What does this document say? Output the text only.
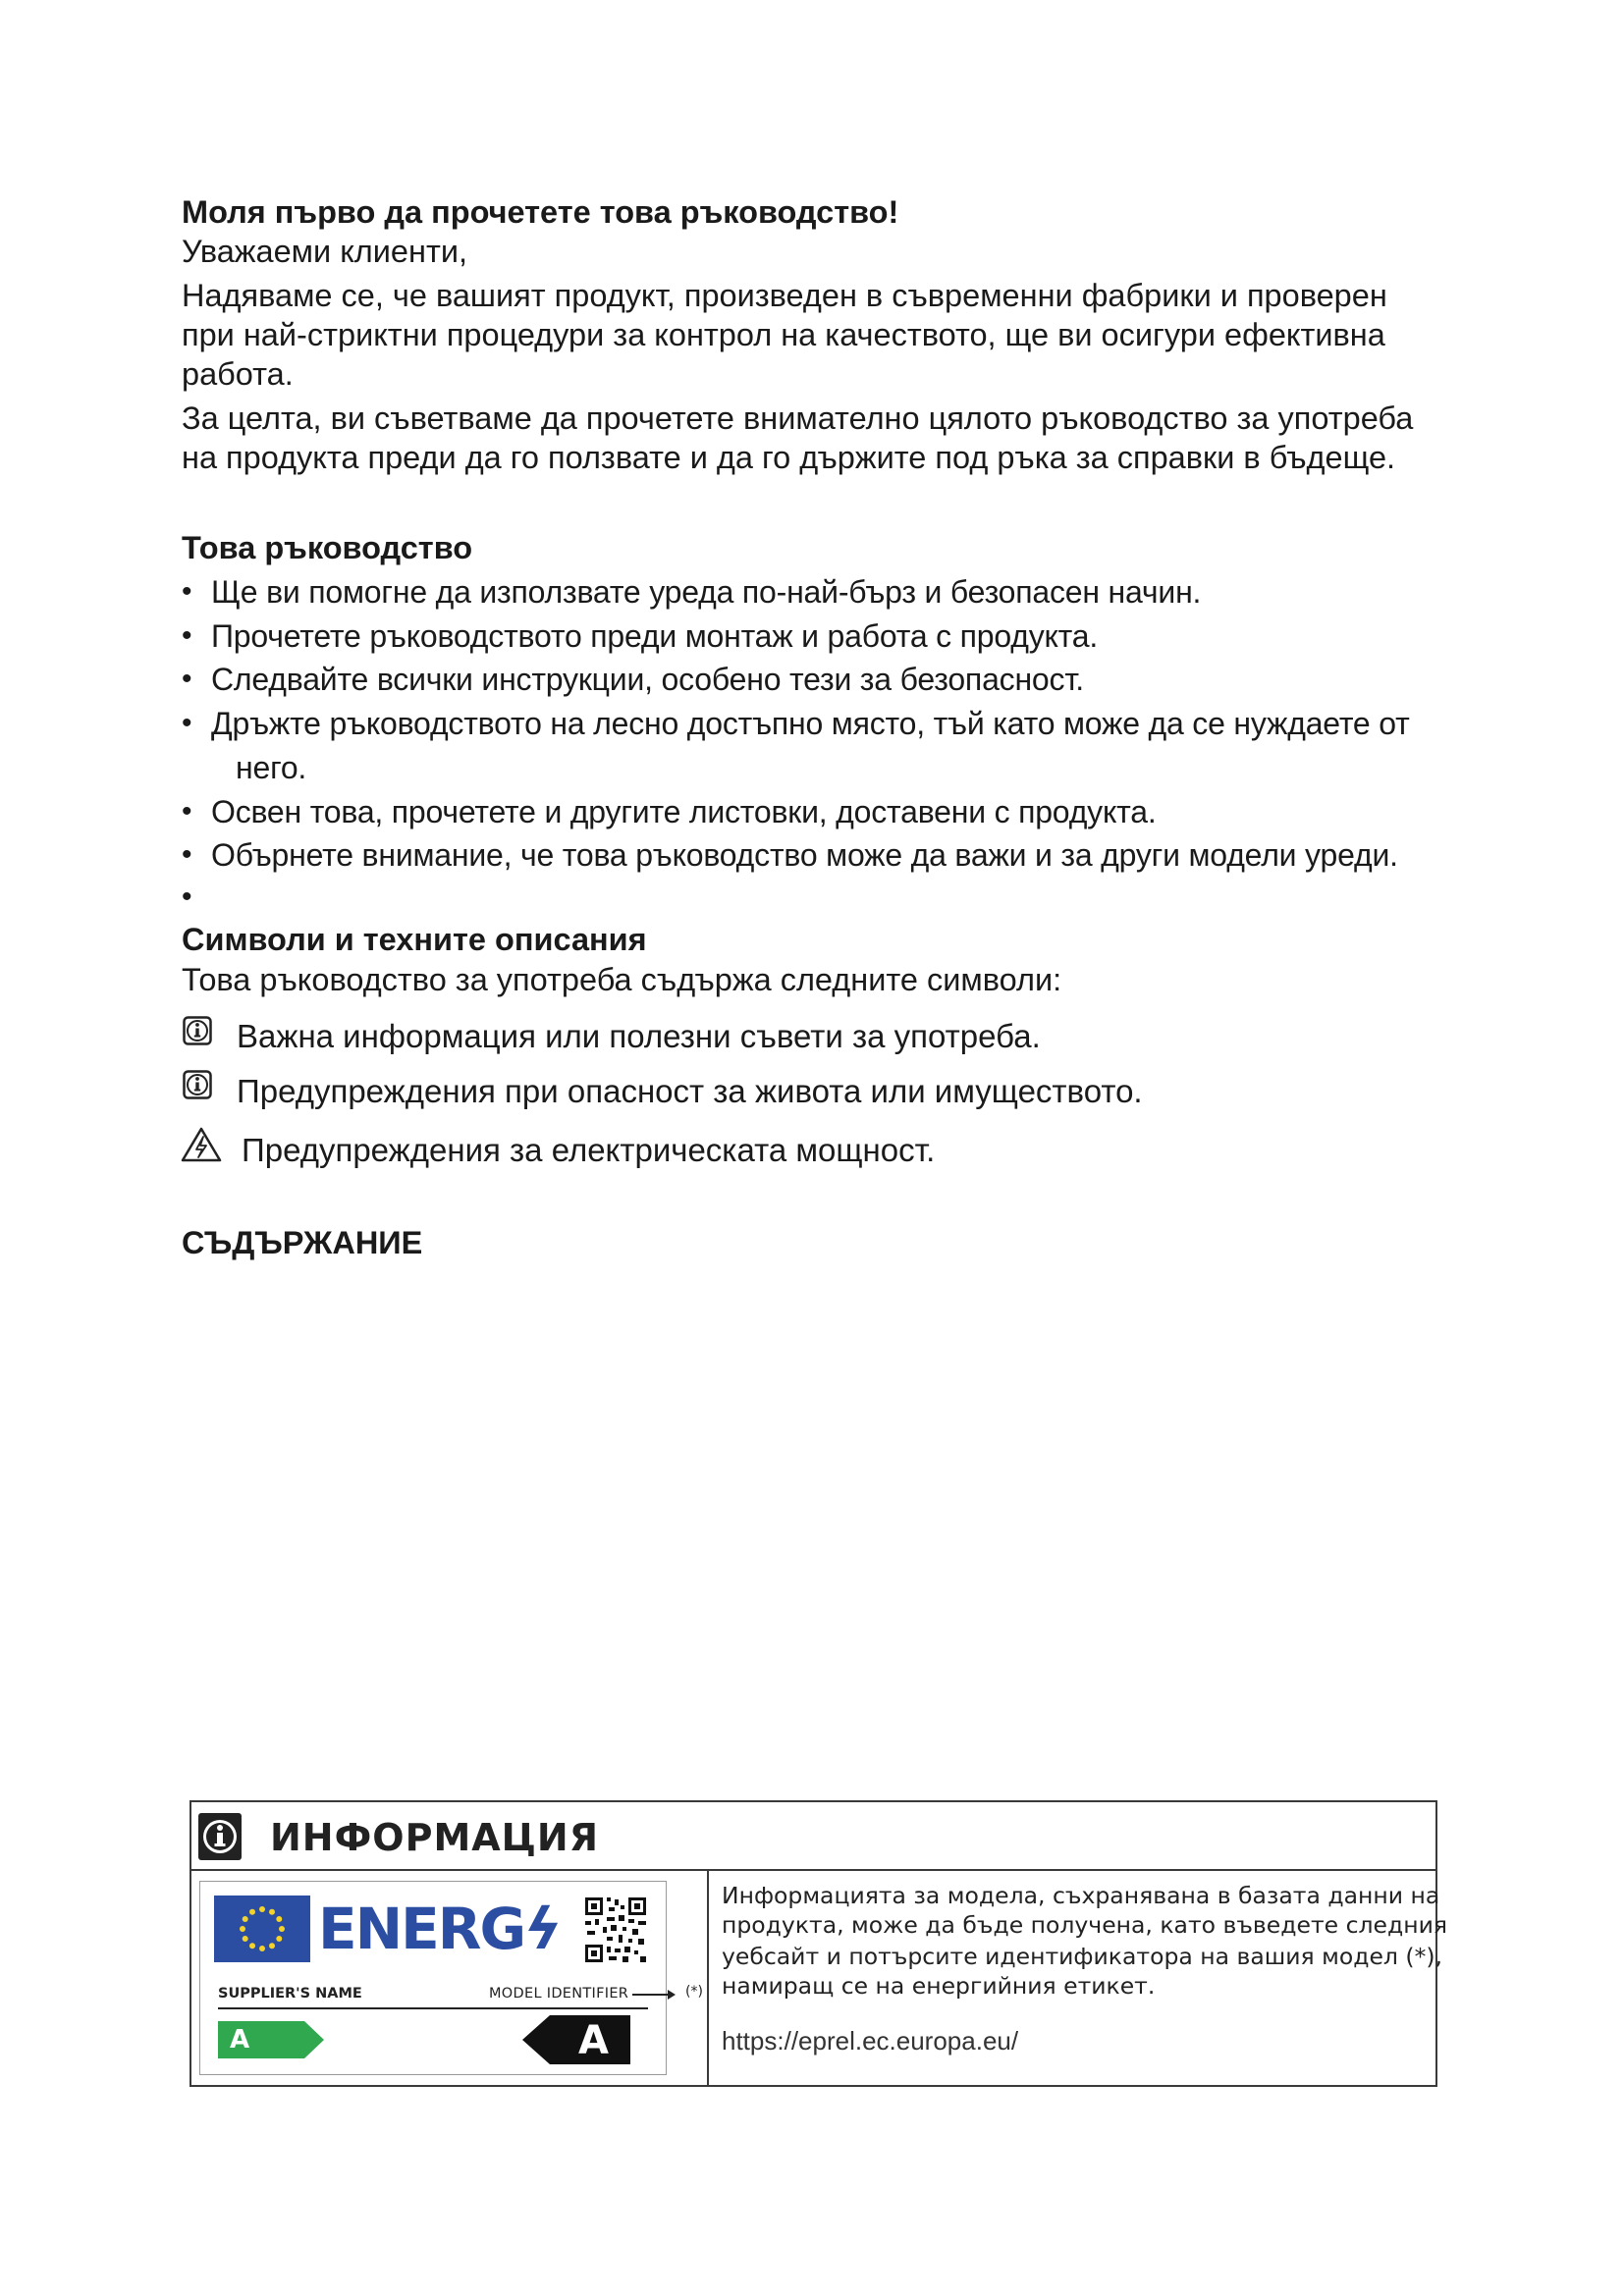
Моля първо да прочетете това ръководство!
Уважаеми клиенти,
Надяваме се, че вашият продукт, произведен в съвременни фабрики и проверен
при най-стриктни процедури за контрол на качеството, ще ви осигури ефективна
работа.
За целта, ви съветваме да прочетете внимателно цялото ръководство за употреба
на продукта преди да го ползвате и да го държите под ръка за справки в бъдеще.
Това ръководство
• Ще ви помогне да използвате уреда по-най-бърз и безопасен начин.
• Прочетете ръководството преди монтаж и работа с продукта.
• Следвайте всички инструкции, особено тези за безопасност.
• Дръжте ръководството на лесно достъпно място, тъй като може да се нуждаете от
него.
• Освен това, прочетете и другите листовки, доставени с продукта.
• Обърнете внимание, че това ръководство може да важи и за други модели уреди.
•
Символи и техните описания
Това ръководство за употреба съдържа следните символи:
Важна информация или полезни съвети за употреба.
Предупреждения при опасност за живота или имуществото.
Предупреждения за електрическата мощност.
СЪДЪРЖАНИЕ
ИНФОРМАЦИЯ
ENERGϟ
SUPPLIER'S NAME	MODEL IDENTIFIER	(*)
A	A
Информацията за модела, съхранявана в базата данни на
продукта, може да бъде получена, като въведете следния
уебсайт и потърсите идентификатора на вашия модел (*),
намиращ се на енергийния етикет.
https://eprel.ec.europa.eu/
